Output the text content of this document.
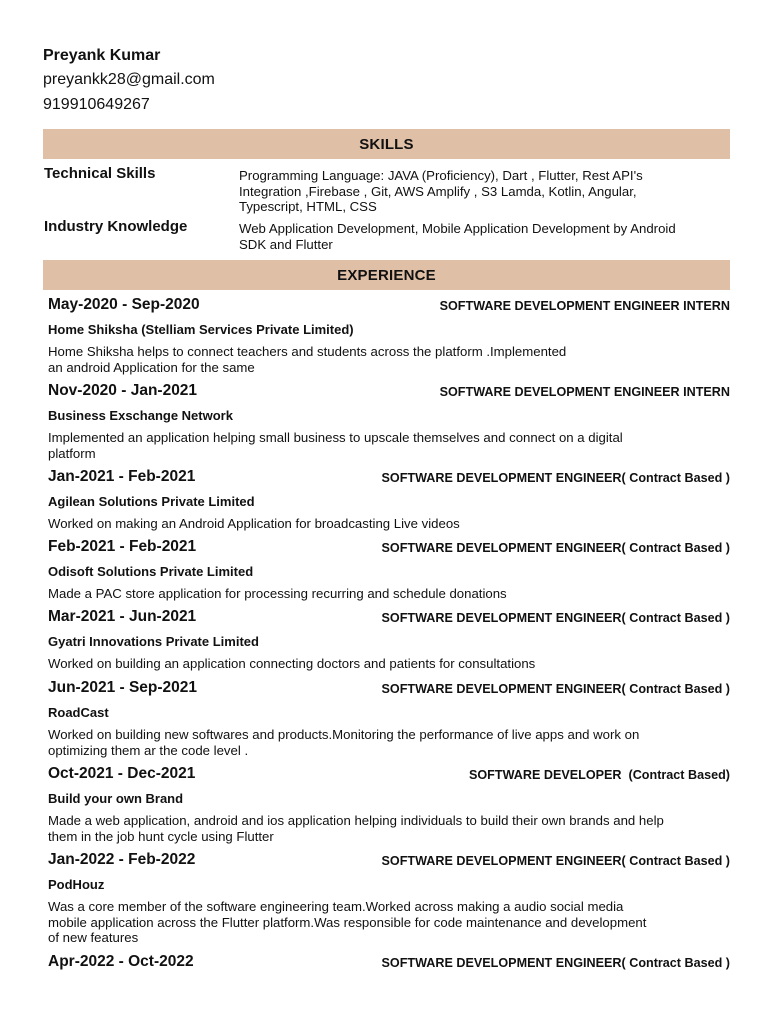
Preyank Kumar
preyankk28@gmail.com
919910649267
SKILLS
Technical Skills	Programming Language: JAVA (Proficiency), Dart , Flutter, Rest API's
Integration ,Firebase , Git, AWS Amplify , S3 Lamda, Kotlin, Angular,
Typescript, HTML, CSS
Industry Knowledge	Web Application Development, Mobile Application Development by Android
SDK and Flutter
EXPERIENCE
May-2020 - Sep-2020	SOFTWARE DEVELOPMENT ENGINEER INTERN
Home Shiksha (Stelliam Services Private Limited)
Home Shiksha helps to connect teachers and students across the platform .Implemented
an android Application for the same
Nov-2020 - Jan-2021	SOFTWARE DEVELOPMENT ENGINEER INTERN
Business Exschange Network
Implemented an application helping small business to upscale themselves and connect on a digital
platform
Jan-2021 - Feb-2021	SOFTWARE DEVELOPMENT ENGINEER( Contract Based )
Agilean Solutions Private Limited
Worked on making an Android Application for broadcasting Live videos
Feb-2021 - Feb-2021	SOFTWARE DEVELOPMENT ENGINEER( Contract Based )
Odisoft Solutions Private Limited
Made a PAC store application for processing recurring and schedule donations
Mar-2021 - Jun-2021	SOFTWARE DEVELOPMENT ENGINEER( Contract Based )
Gyatri Innovations Private Limited
Worked on building an application connecting doctors and patients for consultations
Jun-2021 - Sep-2021	SOFTWARE DEVELOPMENT ENGINEER( Contract Based )
RoadCast
Worked on building new softwares and products.Monitoring the performance of live apps and work on
optimizing them ar the code level .
Oct-2021 - Dec-2021	SOFTWARE DEVELOPER  (Contract Based)
Build your own Brand
Made a web application, android and ios application helping individuals to build their own brands and help
them in the job hunt cycle using Flutter
Jan-2022 - Feb-2022	SOFTWARE DEVELOPMENT ENGINEER( Contract Based )
PodHouz
Was a core member of the software engineering team.Worked across making a audio social media
mobile application across the Flutter platform.Was responsible for code maintenance and development
of new features
Apr-2022 - Oct-2022	SOFTWARE DEVELOPMENT ENGINEER( Contract Based )
